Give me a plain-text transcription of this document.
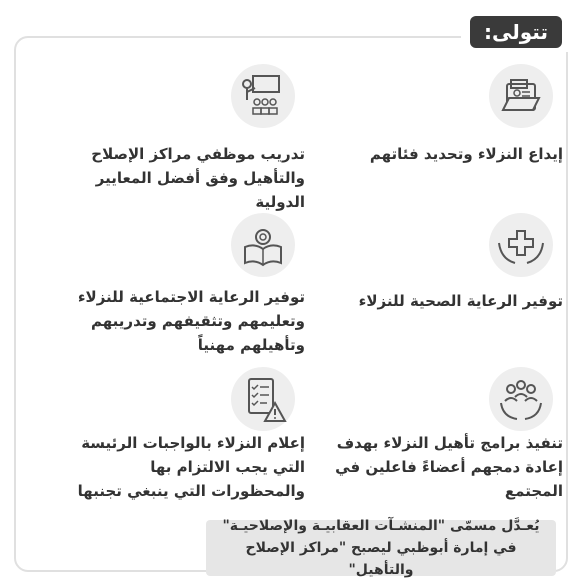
تتولى:
إيداع النزلاء وتحديد فئاتهم
توفير الرعاية الصحية للنزلاء
تنفيذ برامج تأهيل النزلاء بهدف إعادة دمجهم أعضاءً فاعلين في المجتمع
تدريب موظفي مراكز الإصلاح والتأهيل وفق أفضل المعايير الدولية
توفير الرعاية الاجتماعية للنزلاء وتعليمهم وتثقيفهم وتدريبهم وتأهيلهم مهنياً
إعلام النزلاء بالواجبات الرئيسة التي يجب الالتزام بها والمحظورات التي ينبغي تجنبها
يُعـدَّل مسمّى "المنشـآت العقابيـة والإصلاحيـة"
في إمارة أبوظبي ليصبح "مراكز الإصلاح والتأهيل"
